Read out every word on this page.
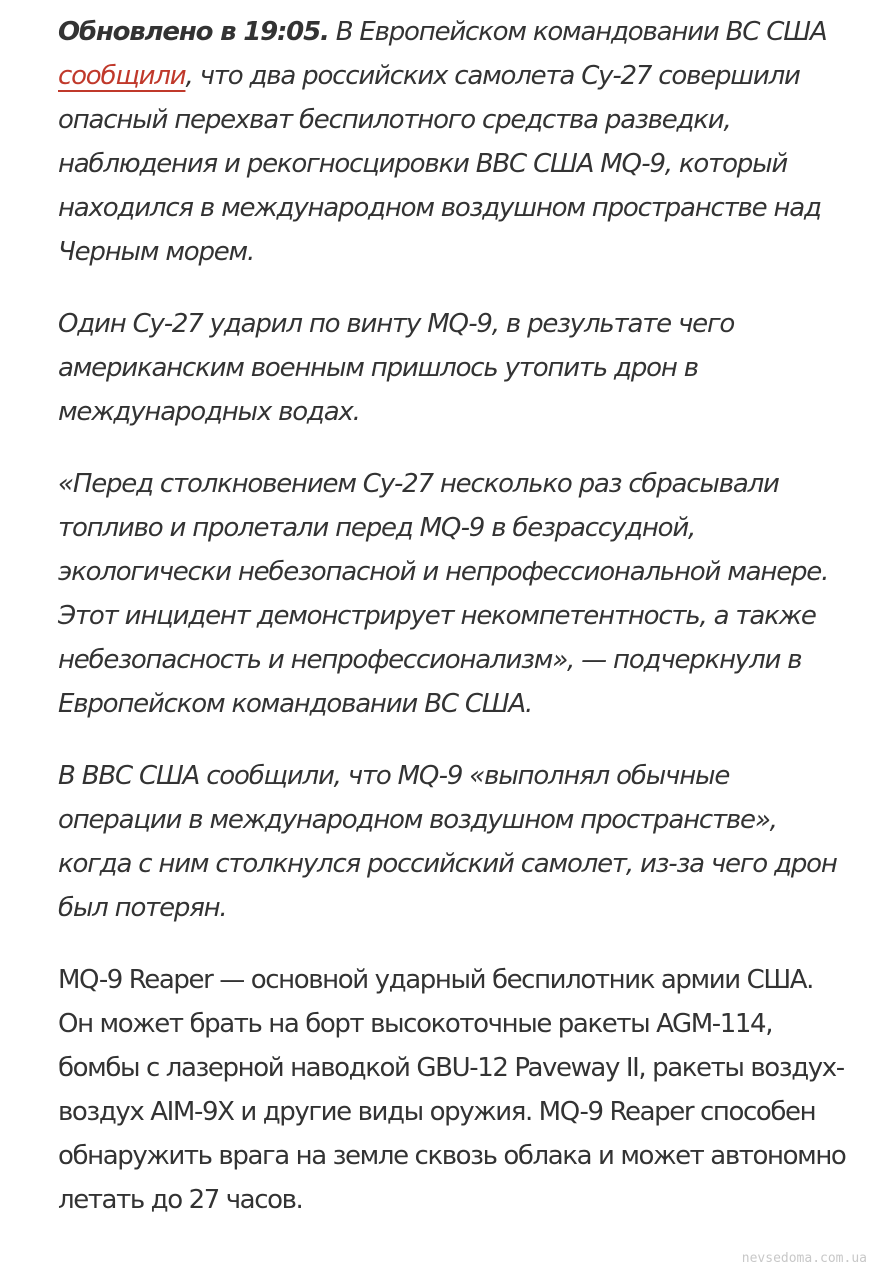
Обновлено в 19:05. В Европейском командовании ВС США сообщили, что два российских самолета Су-27 совершили опасный перехват беспилотного средства разведки, наблюдения и рекогносцировки ВВС США MQ-9, который находился в международном воздушном пространстве над Черным морем.

Один Су-27 ударил по винту MQ-9, в результате чего американским военным пришлось утопить дрон в международных водах.

«Перед столкновением Су-27 несколько раз сбрасывали топливо и пролетали перед MQ-9 в безрассудной, экологически небезопасной и непрофессиональной манере. Этот инцидент демонстрирует некомпетентность, а также небезопасность и непрофессионализм», — подчеркнули в Европейском командовании ВС США.

В ВВС США сообщили, что MQ-9 «выполнял обычные операции в международном воздушном пространстве», когда с ним столкнулся российский самолет, из-за чего дрон был потерян.

MQ-9 Reaper — основной ударный беспилотник армии США. Он может брать на борт высокоточные ракеты AGM-114, бомбы с лазерной наводкой GBU-12 Paveway II, ракеты воздух-воздух AIM-9X и другие виды оружия. MQ-9 Reaper способен обнаружить врага на земле сквозь облака и может автономно летать до 27 часов.

nevsedoma.com.ua
